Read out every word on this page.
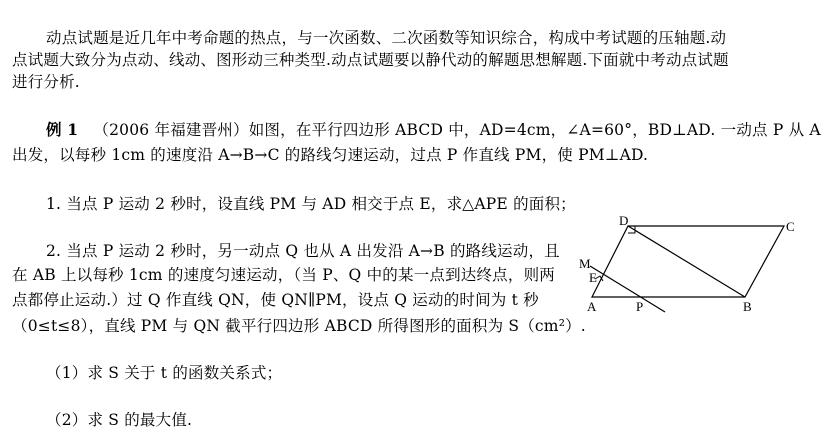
动点试题是近几年中考命题的热点，与一次函数、二次函数等知识综合，构成中考试题的压轴题.动
点试题大致分为点动、线动、图形动三种类型.动点试题要以静代动的解题思想解题.下面就中考动点试题
进行分析.
例 1 （2006 年福建晋州）如图，在平行四边形 ABCD 中，AD=4cm，∠A=60°，BD⊥AD. 一动点 P 从 A
出发，以每秒 1cm 的速度沿 A→B→C 的路线匀速运动，过点 P 作直线 PM，使 PM⊥AD.
1. 当点 P 运动 2 秒时，设直线 PM 与 AD 相交于点 E，求△APE 的面积；
2. 当点 P 运动 2 秒时，另一动点 Q 也从 A 出发沿 A→B 的路线运动，且
在 AB 上以每秒 1cm 的速度匀速运动，（当 P、Q 中的某一点到达终点，则两
点都停止运动.）过 Q 作直线 QN，使 QN∥PM，设点 Q 运动的时间为 t 秒
（0≤t≤8），直线 PM 与 QN 截平行四边形 ABCD 所得图形的面积为 S（cm²）.
（1）求 S 关于 t 的函数关系式；
（2）求 S 的最大值.
D	C
M
E
A	P	B
